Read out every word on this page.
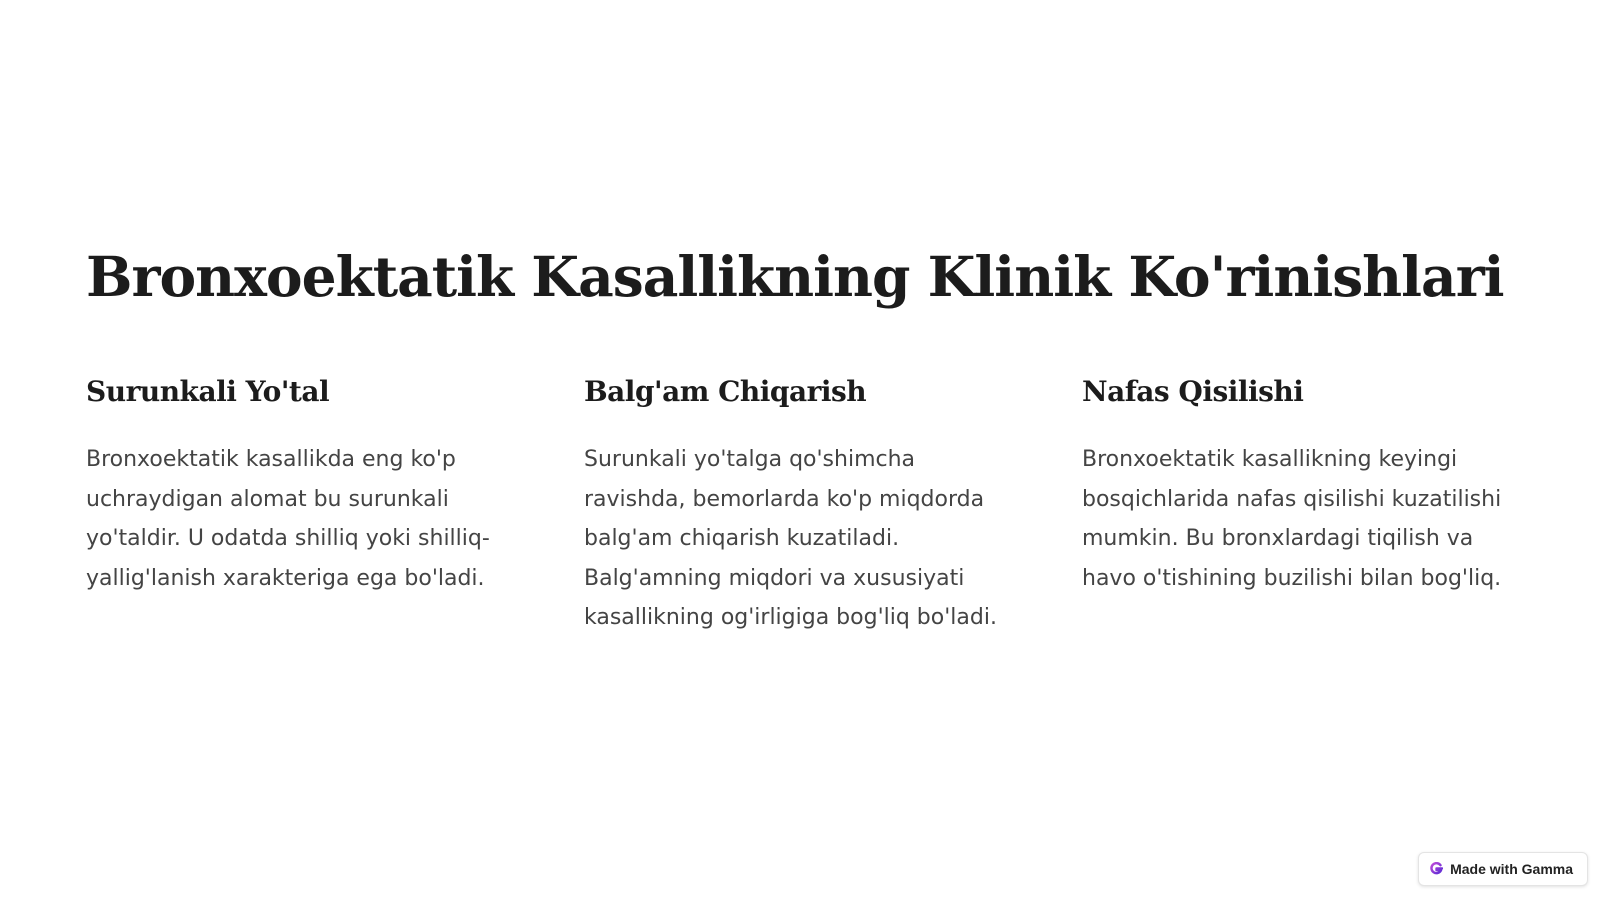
Bronxoektatik Kasallikning Klinik Ko'rinishlari
Surunkali Yo'tal

Bronxoektatik kasallikda eng ko'p uchraydigan alomat bu surunkali yo'taldir. U odatda shilliq yoki shilliq-yallig'lanish xarakteriga ega bo'ladi.

Balg'am Chiqarish

Surunkali yo'talga qo'shimcha ravishda, bemorlarda ko'p miqdorda balg'am chiqarish kuzatiladi. Balg'amning miqdori va xususiyati kasallikning og'irligiga bog'liq bo'ladi.

Nafas Qisilishi

Bronxoektatik kasallikning keyingi bosqichlarida nafas qisilishi kuzatilishi mumkin. Bu bronxlardagi tiqilish va havo o'tishining buzilishi bilan bog'liq.

Made with Gamma
